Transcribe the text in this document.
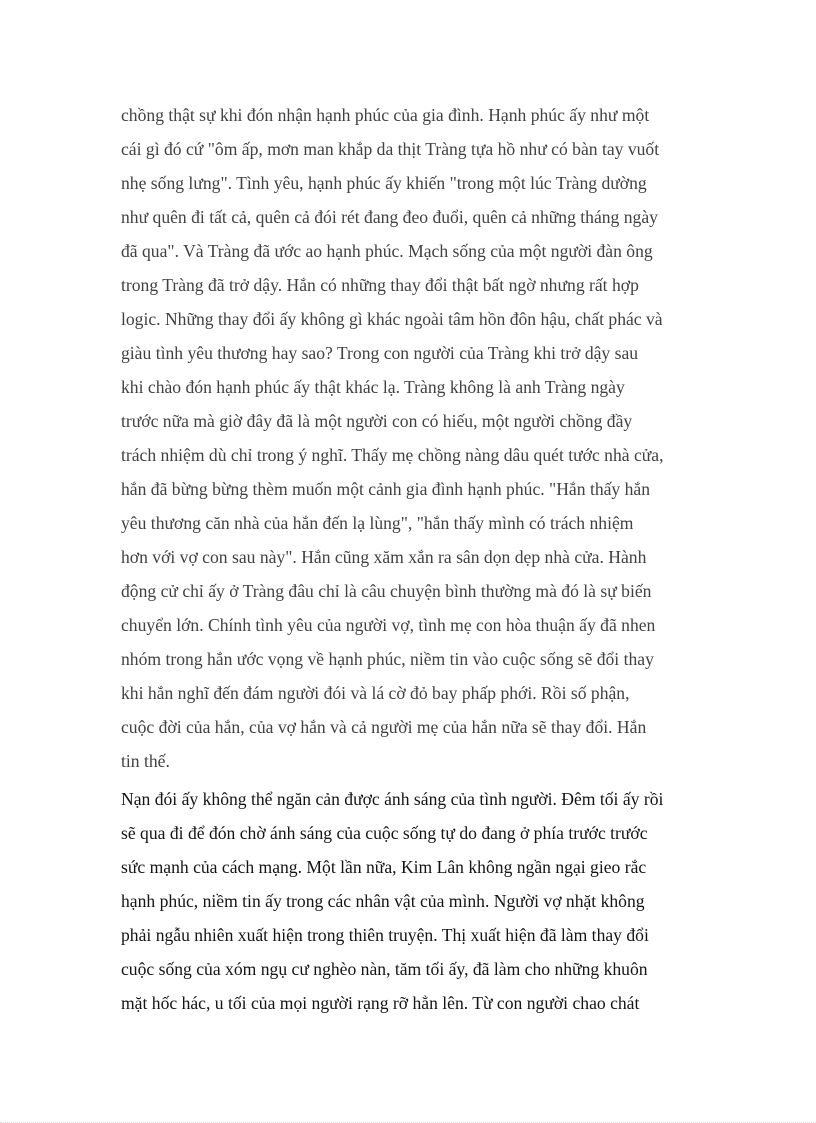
chồng thật sự khi đón nhận hạnh phúc của gia đình. Hạnh phúc ấy như một
cái gì đó cứ "ôm ấp, mơn man khắp da thịt Tràng tựa hồ như có bàn tay vuốt
nhẹ sống lưng". Tình yêu, hạnh phúc ấy khiến "trong một lúc Tràng dường
như quên đi tất cả, quên cả đói rét đang đeo đuổi, quên cả những tháng ngày
đã qua". Và Tràng đã ước ao hạnh phúc. Mạch sống của một người đàn ông
trong Tràng đã trở dậy. Hắn có những thay đổi thật bất ngờ nhưng rất hợp
logic. Những thay đổi ấy không gì khác ngoài tâm hồn đôn hậu, chất phác và
giàu tình yêu thương hay sao? Trong con người của Tràng khi trở dậy sau
khi chào đón hạnh phúc ấy thật khác lạ. Tràng không là anh Tràng ngày
trước nữa mà giờ đây đã là một người con có hiếu, một người chồng đầy
trách nhiệm dù chỉ trong ý nghĩ. Thấy mẹ chồng nàng dâu quét tước nhà cửa,
hắn đã bừng bừng thèm muốn một cảnh gia đình hạnh phúc. "Hắn thấy hắn
yêu thương căn nhà của hắn đến lạ lùng", "hắn thấy mình có trách nhiệm
hơn với vợ con sau này". Hắn cũng xăm xắn ra sân dọn dẹp nhà cửa. Hành
động cử chỉ ấy ở Tràng đâu chỉ là câu chuyện bình thường mà đó là sự biến
chuyển lớn. Chính tình yêu của người vợ, tình mẹ con hòa thuận ấy đã nhen
nhóm trong hắn ước vọng về hạnh phúc, niềm tin vào cuộc sống sẽ đổi thay
khi hắn nghĩ đến đám người đói và lá cờ đỏ bay phấp phới. Rồi số phận,
cuộc đời của hắn, của vợ hắn và cả người mẹ của hắn nữa sẽ thay đổi. Hắn
tin thế.

Nạn đói ấy không thể ngăn cản được ánh sáng của tình người. Đêm tối ấy rồi
sẽ qua đi để đón chờ ánh sáng của cuộc sống tự do đang ở phía trước trước
sức mạnh của cách mạng. Một lần nữa, Kim Lân không ngần ngại gieo rắc
hạnh phúc, niềm tin ấy trong các nhân vật của mình. Người vợ nhặt không
phải ngẫu nhiên xuất hiện trong thiên truyện. Thị xuất hiện đã làm thay đổi
cuộc sống của xóm ngụ cư nghèo nàn, tăm tối ấy, đã làm cho những khuôn
mặt hốc hác, u tối của mọi người rạng rỡ hẳn lên. Từ con người chao chát
